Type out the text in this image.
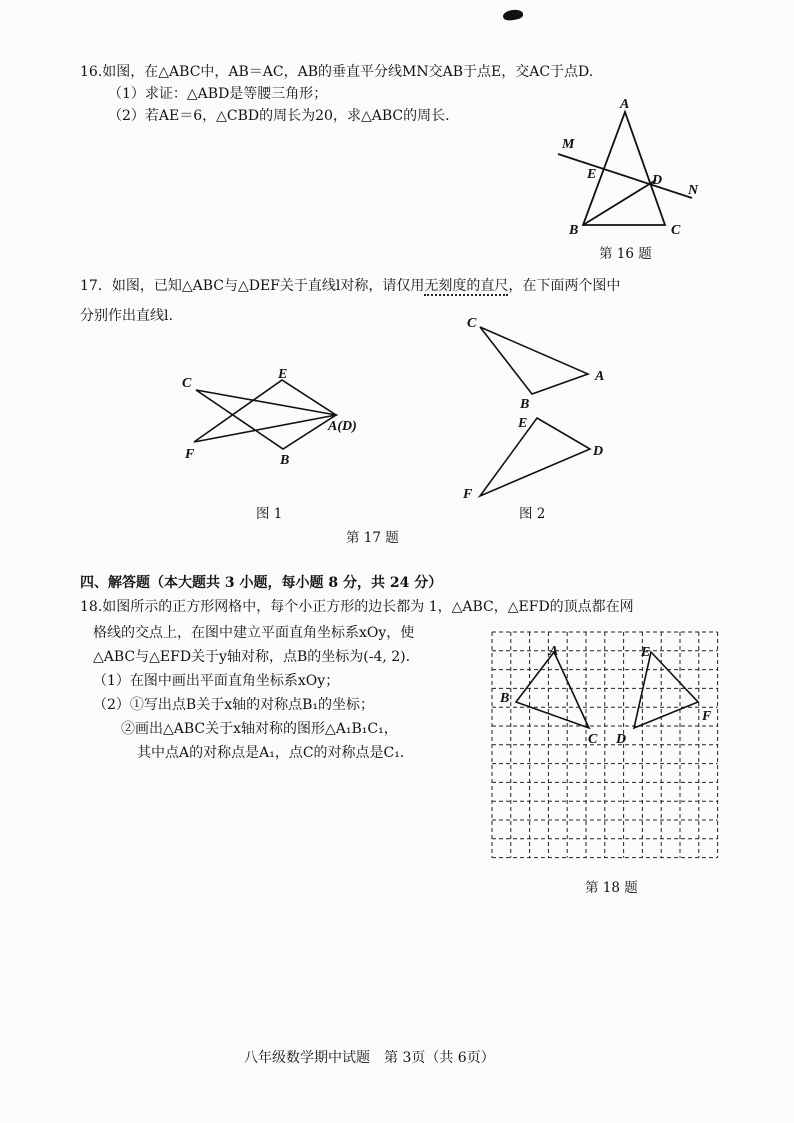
16.如图，在△ABC中，AB＝AC，AB的垂直平分线MN交AB于点E，交AC于点D.
（1）求证：△ABD是等腰三角形；
（2）若AE＝6，△CBD的周长为20，求△ABC的周长.
A
M
E	D
N
B	C
第 16 题
17．如图，已知△ABC与△DEF关于直线l对称，请仅用无刻度的直尺，在下面两个图中
分别作出直线l.
C
E
A(D)
F	B
C
A
B
E
D
F
图 1	图 2
第 17 题
四、解答题（本大题共 3 小题，每小题 8 分，共 24 分）
18.如图所示的正方形网格中，每个小正方形的边长都为 1，△ABC，△EFD的顶点都在网
格线的交点上，在图中建立平面直角坐标系xOy，使
△ABC与△EFD关于y轴对称，点B的坐标为(-4, 2).
（1）在图中画出平面直角坐标系xOy；
（2）①写出点B关于x轴的对称点B₁的坐标；
②画出△ABC关于x轴对称的图形△A₁B₁C₁，
其中点A的对称点是A₁，点C的对称点是C₁.
A
B
C D
E
F
第 18 题
八年级数学期中试题　第 3页（共 6页）
